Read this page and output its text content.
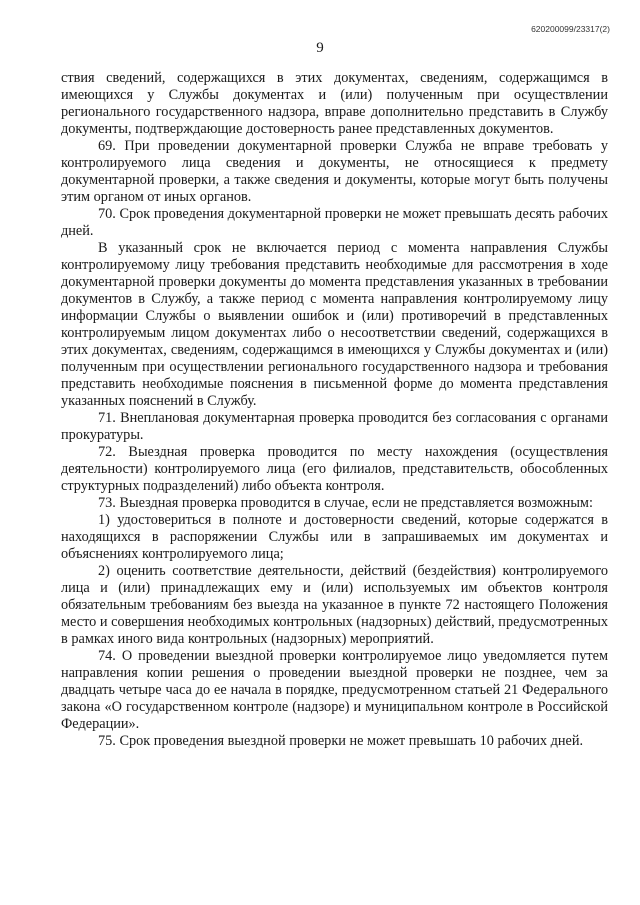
620200099/23317(2)
9

ствия сведений, содержащихся в этих документах, сведениям, содержащимся в имеющихся у Службы документах и (или) полученным при осуществлении регионального государственного надзора, вправе дополнительно представить в Службу документы, подтверждающие достоверность ранее представленных документов.

69. При проведении документарной проверки Служба не вправе требовать у контролируемого лица сведения и документы, не относящиеся к предмету документарной проверки, а также сведения и документы, которые могут быть получены этим органом от иных органов.

70. Срок проведения документарной проверки не может превышать десять рабочих дней.

В указанный срок не включается период с момента направления Службы контролируемому лицу требования представить необходимые для рассмотрения в ходе документарной проверки документы до момента представления указанных в требовании документов в Службу, а также период с момента направления контролируемому лицу информации Службы о выявлении ошибок и (или) противоречий в представленных контролируемым лицом документах либо о несоответствии сведений, содержащихся в этих документах, сведениям, содержащимся в имеющихся у Службы документах и (или) полученным при осуществлении регионального государственного надзора и требования представить необходимые пояснения в письменной форме до момента представления указанных пояснений в Службу.

71. Внеплановая документарная проверка проводится без согласования с органами прокуратуры.

72. Выездная проверка проводится по месту нахождения (осуществления деятельности) контролируемого лица (его филиалов, представительств, обособленных структурных подразделений) либо объекта контроля.

73. Выездная проверка проводится в случае, если не представляется возможным:

1) удостовериться в полноте и достоверности сведений, которые содержатся в находящихся в распоряжении Службы или в запрашиваемых им документах и объяснениях контролируемого лица;

2) оценить соответствие деятельности, действий (бездействия) контролируемого лица и (или) принадлежащих ему и (или) используемых им объектов контроля обязательным требованиям без выезда на указанное в пункте 72 настоящего Положения место и совершения необходимых контрольных (надзорных) действий, предусмотренных в рамках иного вида контрольных (надзорных) мероприятий.

74. О проведении выездной проверки контролируемое лицо уведомляется путем направления копии решения о проведении выездной проверки не позднее, чем за двадцать четыре часа до ее начала в порядке, предусмотренном статьей 21 Федерального закона «О государственном контроле (надзоре) и муниципальном контроле в Российской Федерации».

75. Срок проведения выездной проверки не может превышать 10 рабочих дней.
